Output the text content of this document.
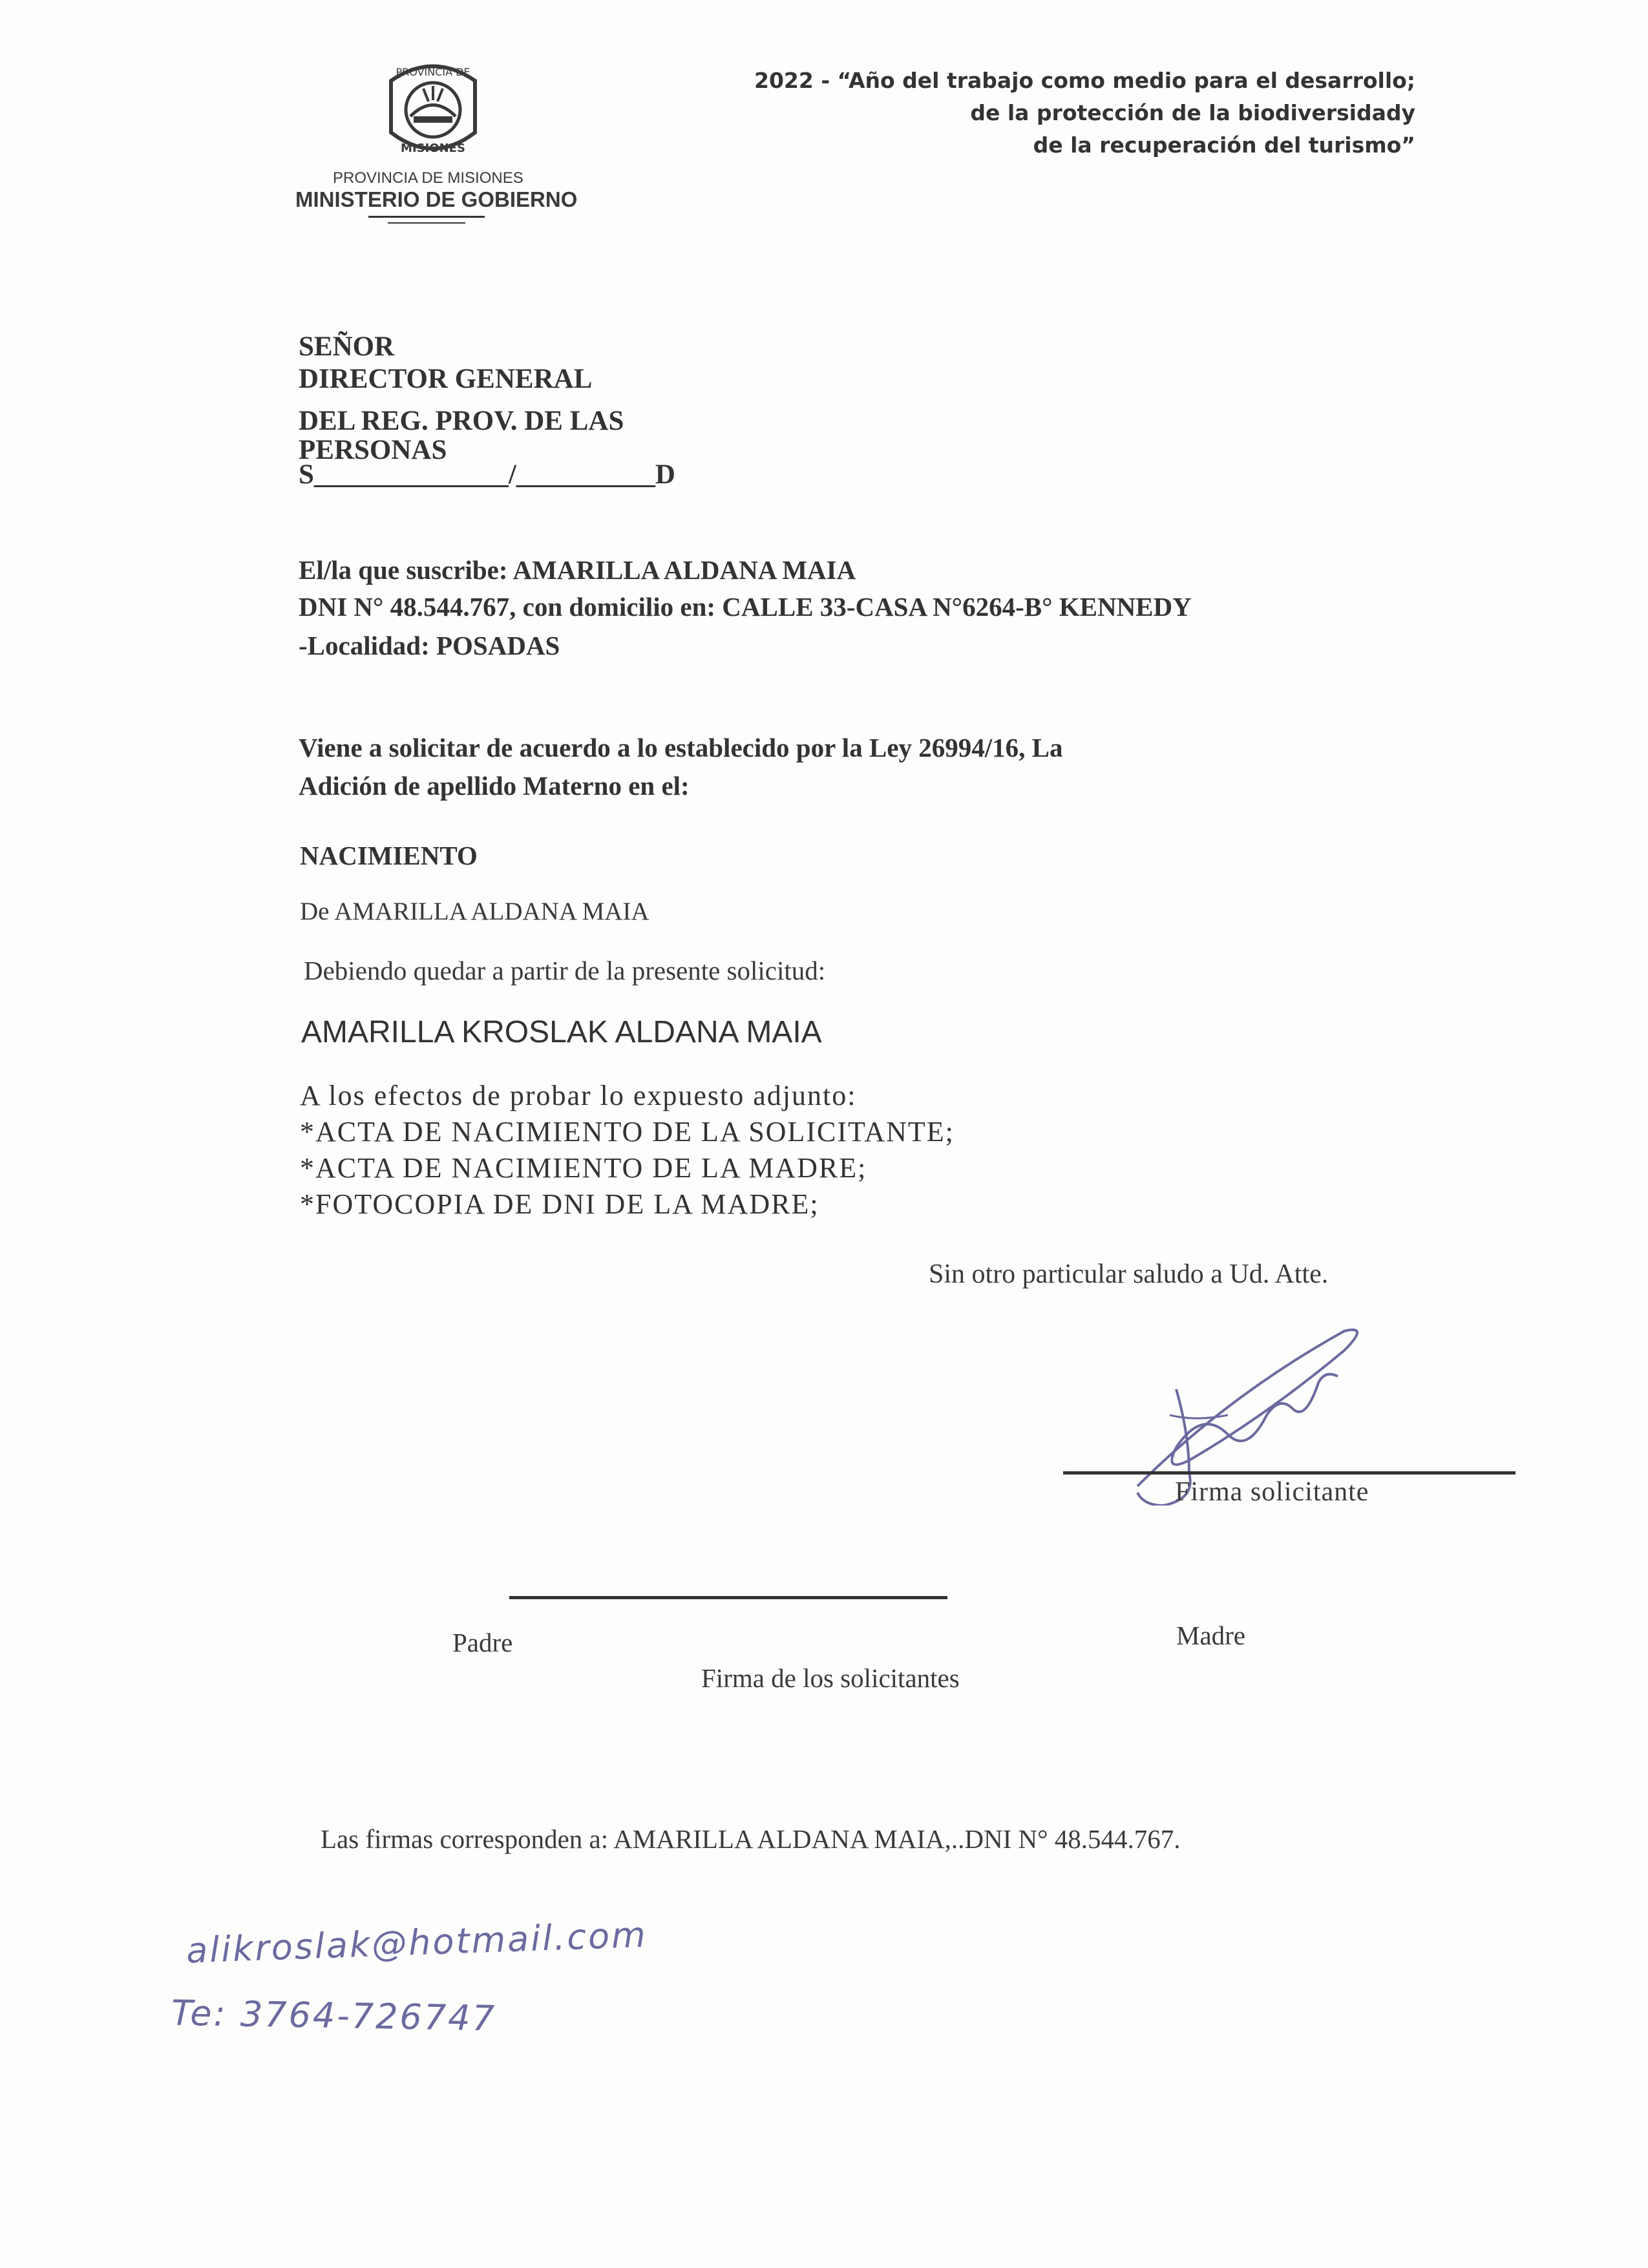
PROVINCIA DE
MISIONES
PROVINCIA DE MISIONES
MINISTERIO DE GOBIERNO
2022 - “Año del trabajo como medio para el desarrollo;
de la protección de la biodiversidady
de la recuperación del turismo”
SEÑOR
DIRECTOR GENERAL
DEL REG. PROV. DE LAS
PERSONAS
S______________/__________D
El/la que suscribe: AMARILLA ALDANA MAIA
DNI N° 48.544.767, con domicilio en: CALLE 33-CASA N°6264-B° KENNEDY
-Localidad: POSADAS
Viene a solicitar de acuerdo a lo establecido por la Ley 26994/16, La
Adición de apellido Materno en el:
NACIMIENTO
De AMARILLA ALDANA MAIA
Debiendo quedar a partir de la presente solicitud:
AMARILLA KROSLAK ALDANA MAIA
A los efectos de probar lo expuesto adjunto:
*ACTA DE NACIMIENTO DE LA SOLICITANTE;
*ACTA DE NACIMIENTO DE LA MADRE;
*FOTOCOPIA DE DNI DE LA MADRE;
Sin otro particular saludo a Ud. Atte.
Firma solicitante
Padre	Madre
Firma de los solicitantes
Las firmas corresponden a: AMARILLA ALDANA MAIA,..DNI N° 48.544.767.
alikroslak@hotmail.com
Te: 3764-726747
